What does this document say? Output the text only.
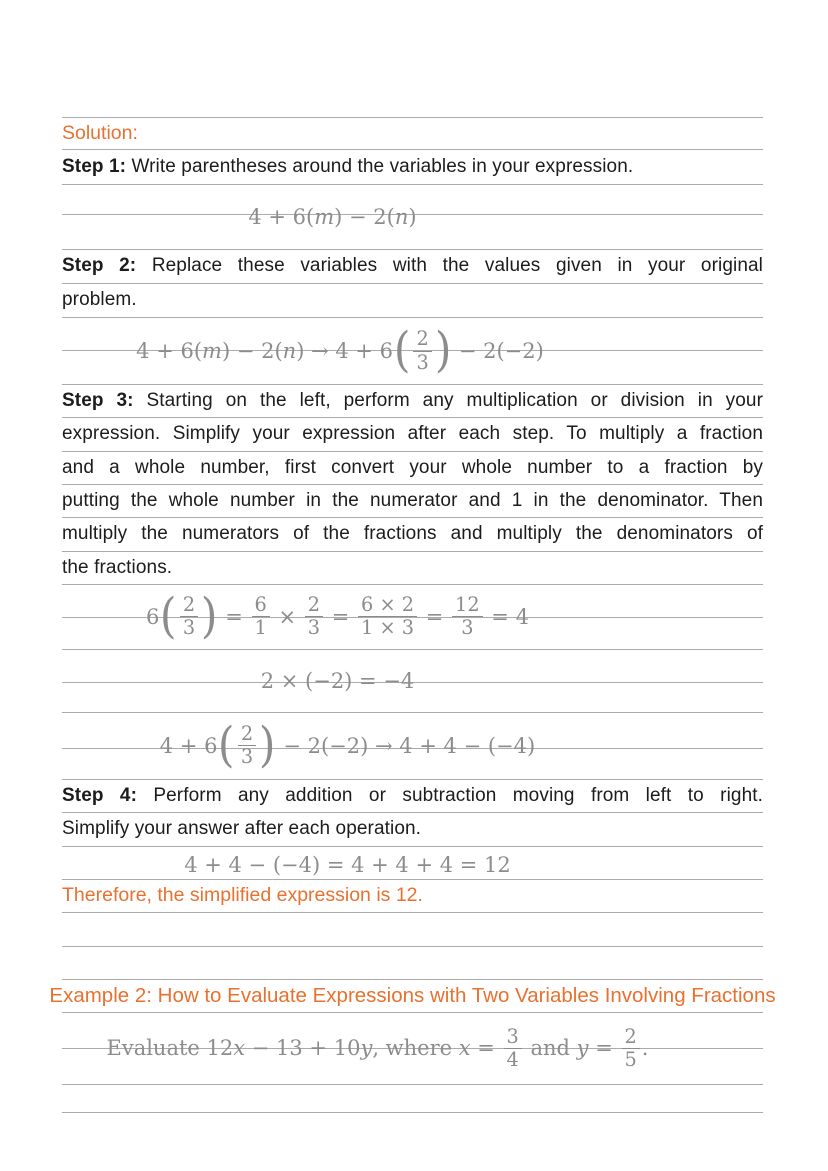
Solution:
Step 1: Write parentheses around the variables in your expression.
4 + 6( m ) − 2( n )
Step 2: Replace these variables with the values given in your original
problem.
4 + 6( m ) − 2( n ) → 4 + 6 ( $\frac{2}{3}$ ) − 2(−2)
Step 3: Starting on the left, perform any multiplication or division in your
expression. Simplify your expression after each step. To multiply a fraction
and a whole number, first convert your whole number to a fraction by
putting the whole number in the numerator and 1 in the denominator. Then
multiply the numerators of the fractions and multiply the denominators of
the fractions.
6 ( $\frac{2}{3}$ ) = $\frac{6}{1} \times \frac{2}{3} = \frac{6 \times 2}{1 \times 3} = \frac{12}{3} = 4$
2 × (−2) = −4
4 + 6 ( $\frac{2}{3}$ ) − 2(−2) → 4 + 4 − (−4)
Step 4: Perform any addition or subtraction moving from left to right.
Simplify your answer after each operation.
4 + 4 − (−4) = 4 + 4 + 4 = 12
Therefore, the simplified expression is 12.
Example 2: How to Evaluate Expressions with Two Variables Involving Fractions
Evaluate 12 x − 13 + 10 y , where $x = \frac{3}{4}$ and $y = \frac{2}{5}$ .
